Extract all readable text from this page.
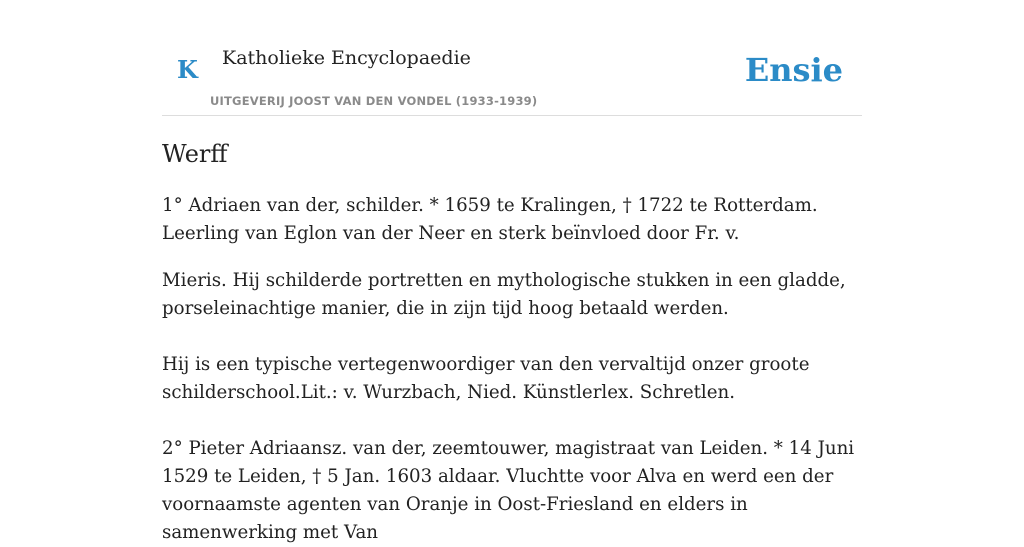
K Katholieke Encyclopaedie
UITGEVERIJ JOOST VAN DEN VONDEL (1933-1939)
Ensie
Werff

1° Adriaen van der, schilder. * 1659 te Kralingen, † 1722 te Rotterdam. Leerling van Eglon van der Neer en sterk beïnvloed door Fr. v.

Mieris. Hij schilderde portretten en mythologische stukken in een gladde, porseleinachtige manier, die in zijn tijd hoog betaald werden.

Hij is een typische vertegenwoordiger van den vervaltijd onzer groote schilderschool.Lit.: v. Wurzbach, Nied. Künstlerlex. Schretlen.

2° Pieter Adriaansz. van der, zeemtouwer, magistraat van Leiden. * 14 Juni 1529 te Leiden, † 5 Jan. 1603 aldaar. Vluchtte voor Alva en werd een der voornaamste agenten van Oranje in Oost-Friesland en elders in samenwerking met Van
